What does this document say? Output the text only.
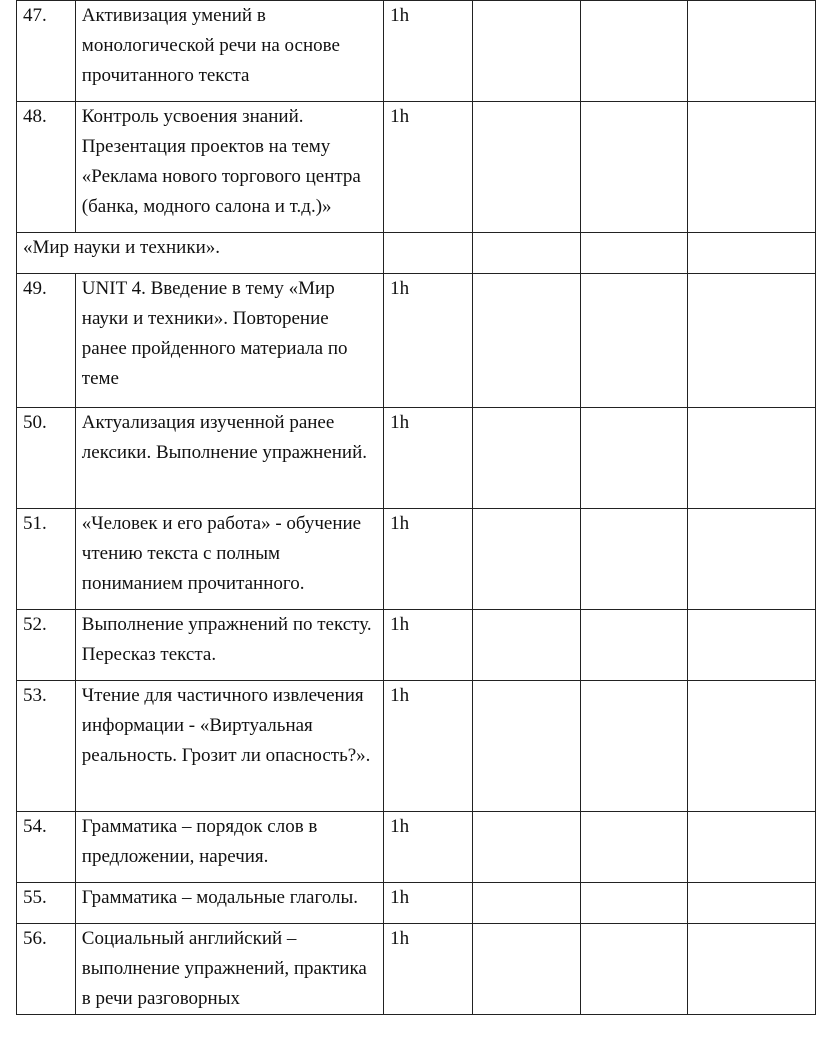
47.	Активизация умений в монологической речи на основе прочитанного текста	1h			
48.	Контроль усвоения знаний. Презентация проектов на тему «Реклама нового торгового центра (банка, модного салона и т.д.)»	1h			
«Мир науки и техники».					
49.	UNIT 4. Введение в тему «Мир науки и техники». Повторение ранее пройденного материала по теме	1h			
50.	Актуализация изученной ранее лексики. Выполнение упражнений.	1h			
51.	«Человек и его работа» - обучение чтению текста с полным пониманием прочитанного.	1h			
52.	Выполнение упражнений по тексту. Пересказ текста.	1h			
53.	Чтение для частичного извлечения информации - «Виртуальная реальность. Грозит ли опасность?».	1h			
54.	Грамматика – порядок слов в предложении, наречия.	1h			
55.	Грамматика – модальные глаголы.	1h			
56.	Социальный английский – выполнение упражнений, практика в речи разговорных	1h			
